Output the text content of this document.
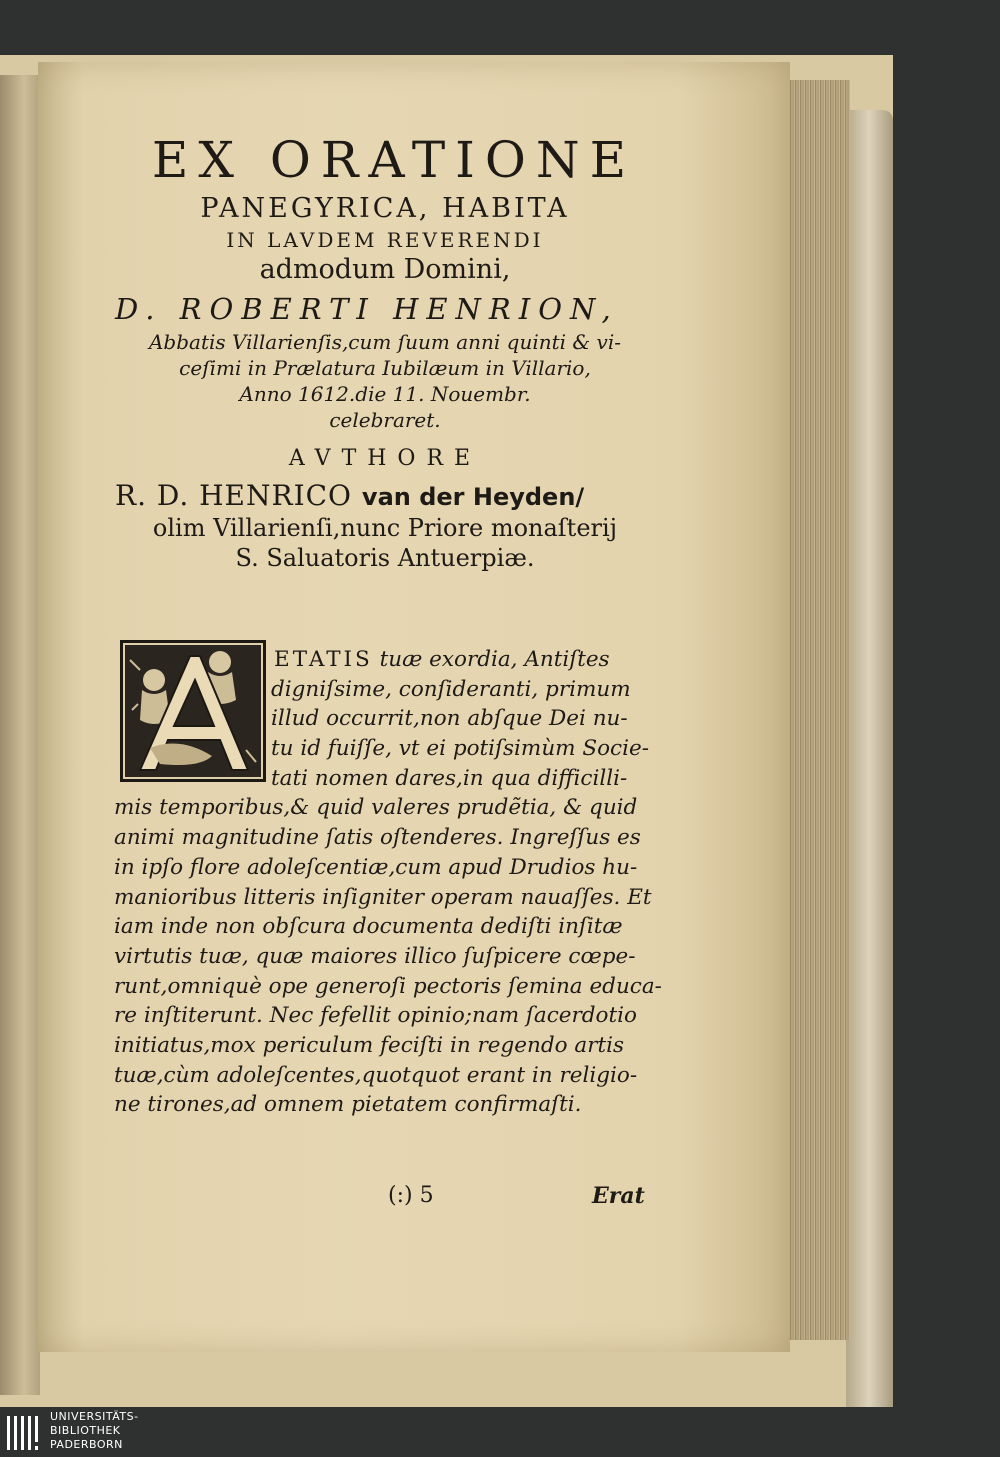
EX ORATIONE
PANEGYRICA, HABITA
IN LAVDEM REVERENDI
admodum Domini,
D. ROBERTI HENRION,
Abbatis Villarienſis,cum ſuum anni quinti & vi-
ceſimi in Prælatura Iubilæum in Villario,
Anno 1612.die 11. Nouembr.
celebraret.
AVTHORE
R. D. HENRICO van der Heyden/
olim Villarienſi,nunc Priore monaſterij
S. Saluatoris Antuerpiæ.
ETATIS tuæ exordia, Antiſtes
digniſsime, conſideranti, primum
illud occurrit,non abſque Dei nu-
tu id fuiſſe, vt ei potiſsimùm Socie-
tati nomen dares,in qua difficilli-
mis temporibus,& quid valeres prudẽtia, & quid
animi magnitudine ſatis oſtenderes. Ingreſſus es
in ipſo flore adoleſcentiæ,cum apud Drudios hu-
manioribus litteris inſigniter operam nauaſſes. Et
iam inde non obſcura documenta dediſti inſitæ
virtutis tuæ, quæ maiores illico ſuſpicere cœpe-
runt,omniquè ope generoſi pectoris ſemina educa-
re inſtiterunt. Nec fefellit opinio;nam ſacerdotio
initiatus,mox periculum feciſti in regendo artis
tuæ,cùm adoleſcentes,quotquot erant in religio-
ne tirones,ad omnem pietatem confirmaſti.
(:) 5	Erat
UNIVERSITÄTS-
BIBLIOTHEK
PADERBORN
